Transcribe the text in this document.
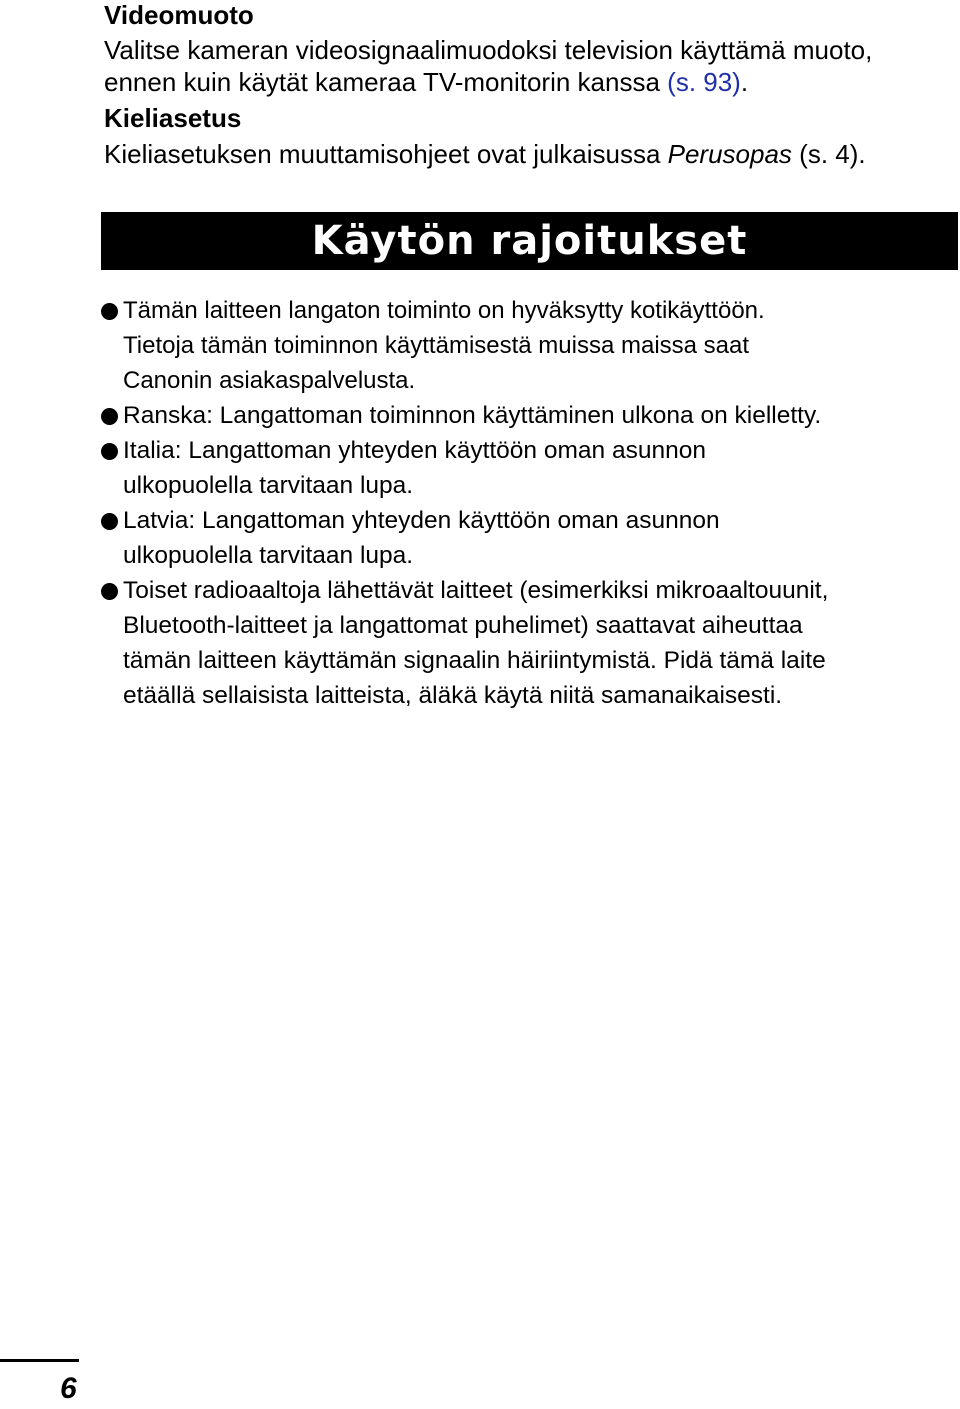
Videomuoto
Valitse kameran videosignaalimuodoksi television käyttämä muoto,
ennen kuin käytät kameraa TV-monitorin kanssa (s. 93).
Kieliasetus
Kieliasetuksen muuttamisohjeet ovat julkaisussa Perusopas (s. 4).
Käytön rajoitukset
Tämän laitteen langaton toiminto on hyväksytty kotikäyttöön.
Tietoja tämän toiminnon käyttämisestä muissa maissa saat
Canonin asiakaspalvelusta.
Ranska: Langattoman toiminnon käyttäminen ulkona on kielletty.
Italia: Langattoman yhteyden käyttöön oman asunnon
ulkopuolella tarvitaan lupa.
Latvia: Langattoman yhteyden käyttöön oman asunnon
ulkopuolella tarvitaan lupa.
Toiset radioaaltoja lähettävät laitteet (esimerkiksi mikroaaltouunit,
Bluetooth-laitteet ja langattomat puhelimet) saattavat aiheuttaa
tämän laitteen käyttämän signaalin häiriintymistä. Pidä tämä laite
etäällä sellaisista laitteista, äläkä käytä niitä samanaikaisesti.
6
